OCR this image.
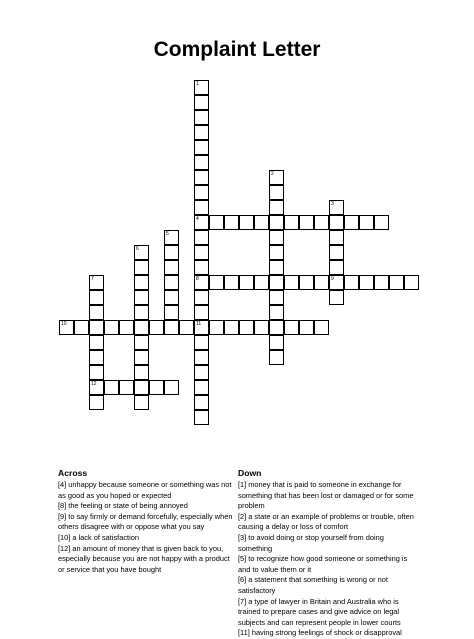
Complaint Letter
1
4
8
11
2
3
9
5
6
7
12
10
Across

[4] unhappy because someone or something was not as good as you hoped or expected

[8] the feeling or state of being annoyed

[9] to say firmly or demand forcefully, especially when others disagree with or oppose what you say

[10] a lack of satisfaction

[12] an amount of money that is given back to you, especially because you are not happy with a product or service that you have bought

Down

[1] money that is paid to someone in exchange for something that has been lost or damaged or for some problem

[2] a state or an example of problems or trouble, often causing a delay or loss of comfort

[3] to avoid doing or stop yourself from doing something

[5] to recognize how good someone or something is and to value them or it

[6] a statement that something is wrong or not satisfactory

[7] a type of lawyer in Britain and Australia who is trained to prepare cases and give advice on legal subjects and can represent people in lower courts

[11] having strong feelings of shock or disapproval
